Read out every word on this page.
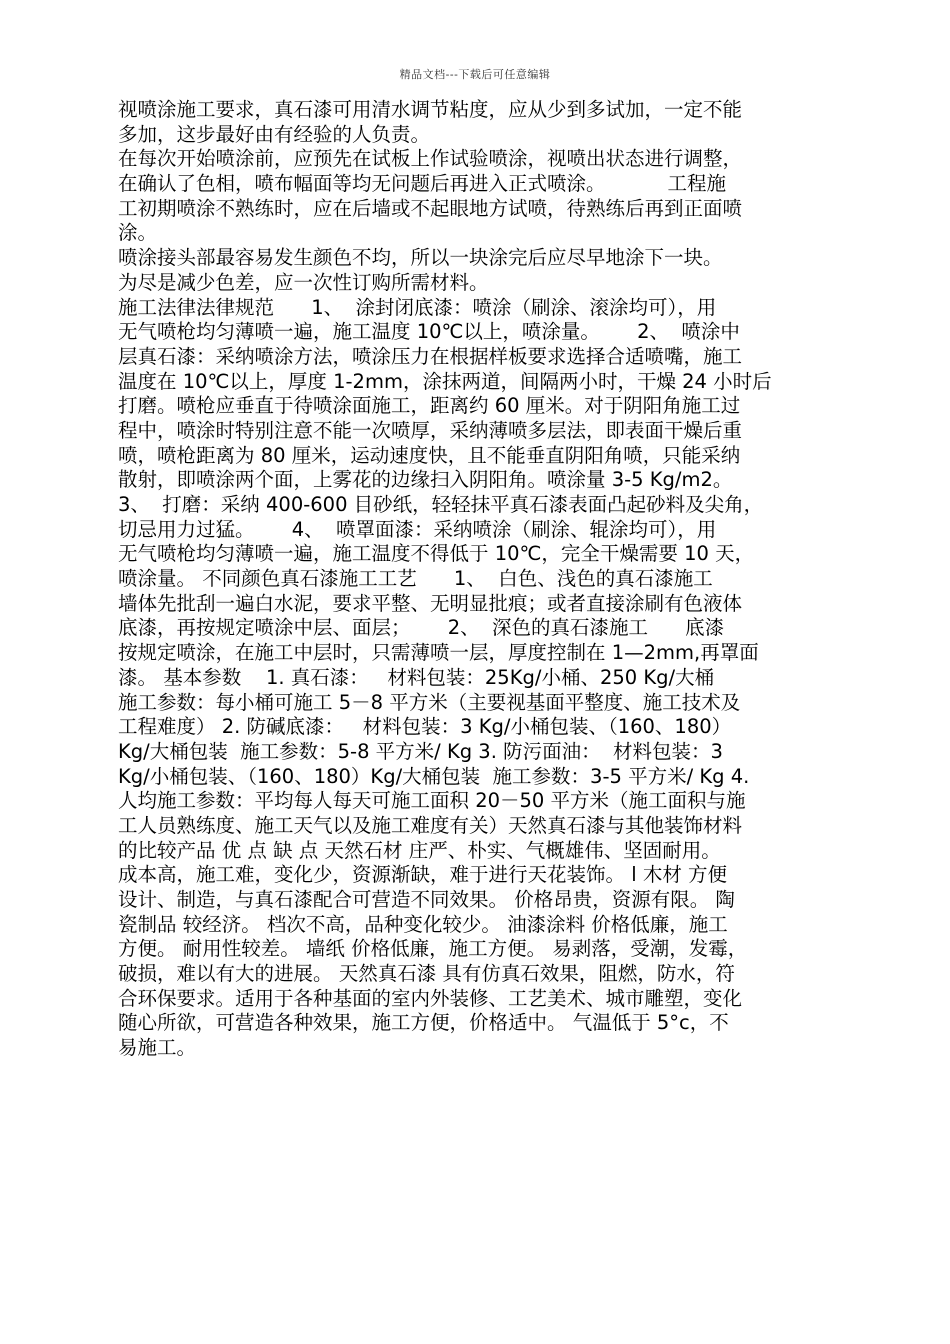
精品文档---下载后可任意编辑
视喷涂施工要求，真石漆可用清水调节粘度，应从少到多试加，一定不能
多加，这步最好由有经验的人负责。
在每次开始喷涂前，应预先在试板上作试验喷涂，视喷出状态进行调整，
在确认了色相，喷布幅面等均无问题后再进入正式喷涂。          工程施
工初期喷涂不熟练时，应在后墙或不起眼地方试喷，待熟练后再到正面喷
涂。
喷涂接头部最容易发生颜色不均，所以一块涂完后应尽早地涂下一块。
为尽是减少色差，应一次性订购所需材料。
施工法律法律规范      1、  涂封闭底漆：喷涂（刷涂、滚涂均可），用
无气喷枪均匀薄喷一遍，施工温度 10℃以上，喷涂量。      2、  喷涂中
层真石漆：采纳喷涂方法，喷涂压力在根据样板要求选择合适喷嘴，施工
温度在 10℃以上，厚度 1-2mm，涂抹两道，间隔两小时，干燥 24 小时后
打磨。喷枪应垂直于待喷涂面施工，距离约 60 厘米。对于阴阳角施工过
程中，喷涂时特别注意不能一次喷厚，采纳薄喷多层法，即表面干燥后重
喷，喷枪距离为 80 厘米，运动速度快，且不能垂直阴阳角喷，只能采纳
散射，即喷涂两个面，上雾花的边缘扫入阴阳角。喷涂量 3-5 Kg/m2。
3、  打磨：采纳 400-600 目砂纸，轻轻抹平真石漆表面凸起砂料及尖角，
切忌用力过猛。      4、  喷罩面漆：采纳喷涂（刷涂、辊涂均可），用
无气喷枪均匀薄喷一遍，施工温度不得低于 10℃，完全干燥需要 10 天，
喷涂量。 不同颜色真石漆施工工艺      1、  白色、浅色的真石漆施工
墙体先批刮一遍白水泥，要求平整、无明显批痕；或者直接涂刷有色液体
底漆，再按规定喷涂中层、面层；      2、  深色的真石漆施工      底漆
按规定喷涂，在施工中层时，只需薄喷一层，厚度控制在 1—2mm,再罩面
漆。 基本参数    1. 真石漆：   材料包装：25Kg/小桶、250 Kg/大桶
施工参数：每小桶可施工 5－8 平方米（主要视基面平整度、施工技术及
工程难度） 2. 防碱底漆：   材料包装：3 Kg/小桶包装、（160、180）
Kg/大桶包装  施工参数：5-8 平方米/ Kg 3. 防污面油：  材料包装：3
Kg/小桶包装、（160、180）Kg/大桶包装  施工参数：3-5 平方米/ Kg 4.
人均施工参数：平均每人每天可施工面积 20－50 平方米（施工面积与施
工人员熟练度、施工天气以及施工难度有关）天然真石漆与其他装饰材料
的比较产品 优 点 缺 点 天然石材 庄严、朴实、气概雄伟、坚固耐用。
成本高，施工难，变化少，资源渐缺，难于进行天花装饰。 l 木材 方便
设计、制造，与真石漆配合可营造不同效果。 价格昂贵，资源有限。 陶
瓷制品 较经济。 档次不高，品种变化较少。 油漆涂料 价格低廉，施工
方便。 耐用性较差。 墙纸 价格低廉，施工方便。 易剥落，受潮，发霉，
破损，难以有大的进展。 天然真石漆 具有仿真石效果，阻燃，防水，符
合环保要求。适用于各种基面的室内外装修、工艺美术、城市雕塑，变化
随心所欲，可营造各种效果，施工方便，价格适中。 气温低于 5°c，不
易施工。
